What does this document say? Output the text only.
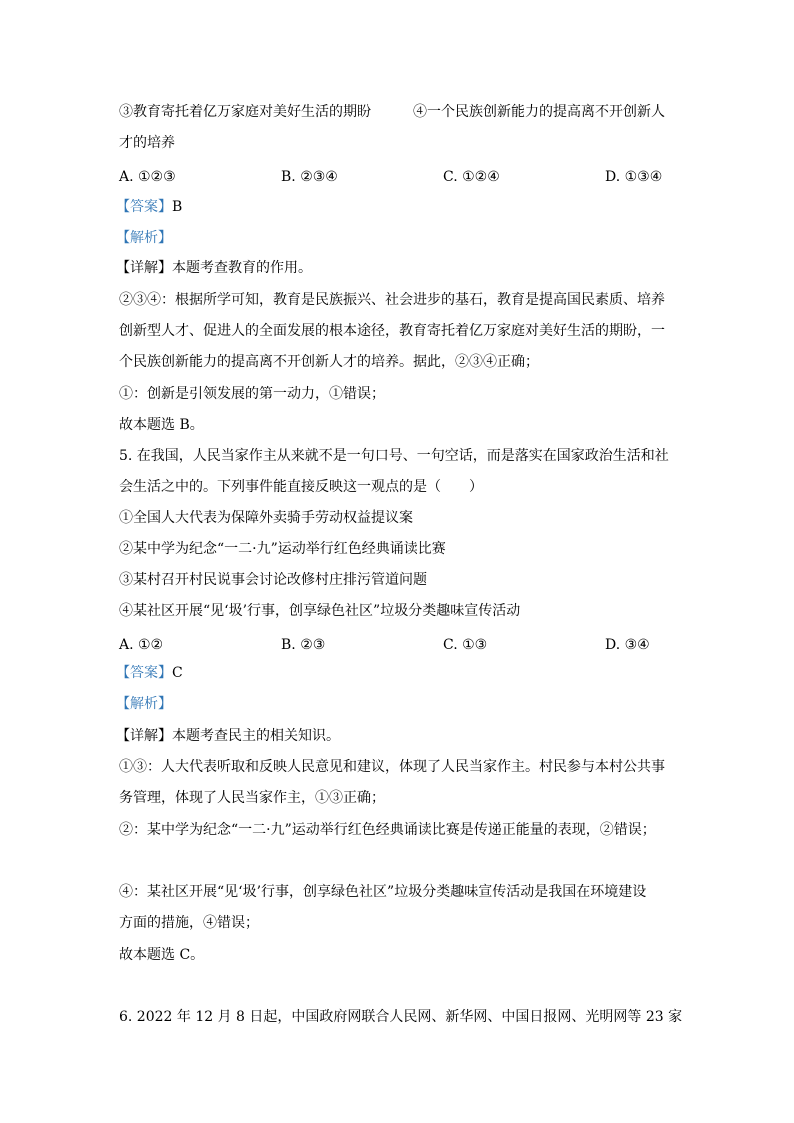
③教育寄托着亿万家庭对美好生活的期盼	④一个民族创新能力的提高离不开创新人
才的培养
A. ①②③	B. ②③④	C. ①②④	D. ①③④
【答案】B
【解析】
【详解】本题考查教育的作用。
②③④：根据所学可知，教育是民族振兴、社会进步的基石，教育是提高国民素质、培养
创新型人才、促进人的全面发展的根本途径，教育寄托着亿万家庭对美好生活的期盼，一
个民族创新能力的提高离不开创新人才的培养。据此，②③④正确；
①：创新是引领发展的第一动力，①错误；
故本题选 B。
5. 在我国，人民当家作主从来就不是一句口号、一句空话，而是落实在国家政治生活和社
会生活之中的。下列事件能直接反映这一观点的是（　　）
①全国人大代表为保障外卖骑手劳动权益提议案
②某中学为纪念“一二·九”运动举行红色经典诵读比赛
③某村召开村民说事会讨论改修村庄排污管道问题
④某社区开展“见‘圾’行事，创享绿色社区”垃圾分类趣味宣传活动
A. ①②	B. ②③	C. ①③	D. ③④
【答案】C
【解析】
【详解】本题考查民主的相关知识。
①③：人大代表听取和反映人民意见和建议，体现了人民当家作主。村民参与本村公共事
务管理，体现了人民当家作主，①③正确；
②：某中学为纪念“一二·九”运动举行红色经典诵读比赛是传递正能量的表现，②错误；
④：某社区开展“见‘圾’行事，创享绿色社区”垃圾分类趣味宣传活动是我国在环境建设
方面的措施，④错误；
故本题选 C。
6. 2022 年 12 月 8 日起，中国政府网联合人民网、新华网、中国日报网、光明网等 23 家
